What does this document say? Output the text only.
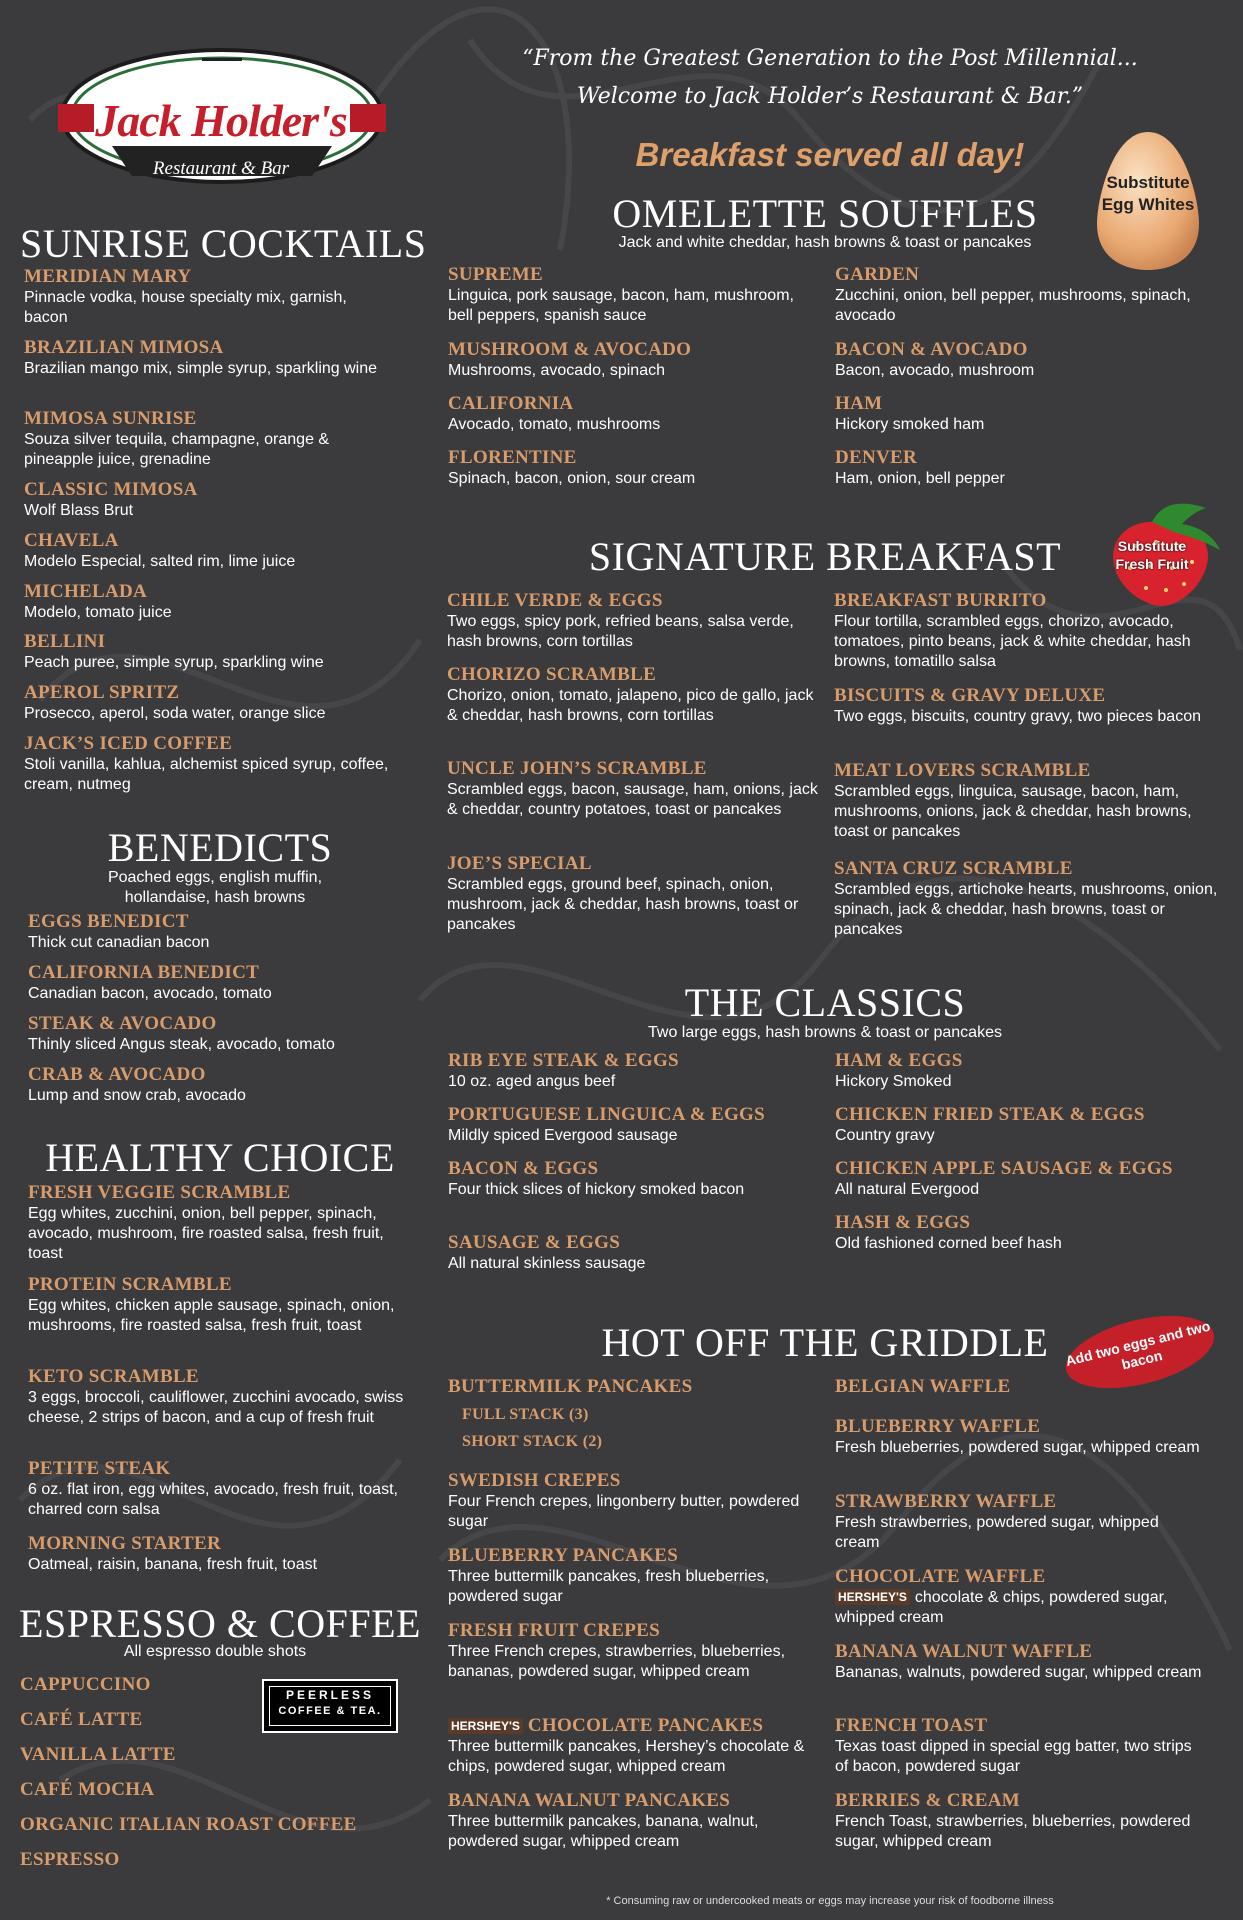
Jack Holder's
Restaurant & Bar
“From the Greatest Generation to the Post Millennial...
Welcome to Jack Holder’s Restaurant & Bar.”
Breakfast served all day!
Substitute Egg Whites
Substitute Fresh Fruit
Add two eggs and two bacon
SUNRISE COCKTAILS
MERIDIAN MARY
Pinnacle vodka, house specialty mix, garnish, bacon
BRAZILIAN MIMOSA
Brazilian mango mix, simple syrup, sparkling wine
MIMOSA SUNRISE
Souza silver tequila, champagne, orange & pineapple juice, grenadine
CLASSIC MIMOSA
Wolf Blass Brut
CHAVELA
Modelo Especial, salted rim, lime juice
MICHELADA
Modelo, tomato juice
BELLINI
Peach puree, simple syrup, sparkling wine
APEROL SPRITZ
Prosecco, aperol, soda water, orange slice
JACK’S ICED COFFEE
Stoli vanilla, kahlua, alchemist spiced syrup, coffee, cream, nutmeg
BENEDICTS
Poached eggs, english muffin, hollandaise, hash browns
EGGS BENEDICT
Thick cut canadian bacon
CALIFORNIA BENEDICT
Canadian bacon, avocado, tomato
STEAK & AVOCADO
Thinly sliced Angus steak, avocado, tomato
CRAB & AVOCADO
Lump and snow crab, avocado
HEALTHY CHOICE
FRESH VEGGIE SCRAMBLE
Egg whites, zucchini, onion, bell pepper, spinach, avocado, mushroom, fire roasted salsa, fresh fruit, toast
PROTEIN SCRAMBLE
Egg whites, chicken apple sausage, spinach, onion, mushrooms, fire roasted salsa, fresh fruit, toast
KETO SCRAMBLE
3 eggs, broccoli, cauliflower, zucchini avocado, swiss cheese, 2 strips of bacon, and a cup of fresh fruit
PETITE STEAK
6 oz. flat iron, egg whites, avocado, fresh fruit, toast, charred corn salsa
MORNING STARTER
Oatmeal, raisin, banana, fresh fruit, toast
ESPRESSO & COFFEE
All espresso double shots
CAPPUCCINO
CAFÉ LATTE
VANILLA LATTE
CAFÉ MOCHA
ORGANIC ITALIAN ROAST COFFEE
ESPRESSO
PEERLESS
COFFEE & TEA.
OMELETTE SOUFFLES
Jack and white cheddar, hash browns & toast or pancakes
SUPREME
Linguica, pork sausage, bacon, ham, mushroom, bell peppers, spanish sauce
GARDEN
Zucchini, onion, bell pepper, mushrooms, spinach, avocado
MUSHROOM & AVOCADO
Mushrooms, avocado, spinach
BACON & AVOCADO
Bacon, avocado, mushroom
CALIFORNIA
Avocado, tomato, mushrooms
HAM
Hickory smoked ham
FLORENTINE
Spinach, bacon, onion, sour cream
DENVER
Ham, onion, bell pepper
SIGNATURE BREAKFAST
CHILE VERDE & EGGS
Two eggs, spicy pork, refried beans, salsa verde, hash browns, corn tortillas
BREAKFAST BURRITO
Flour tortilla, scrambled eggs, chorizo, avocado, tomatoes, pinto beans, jack & white cheddar, hash browns, tomatillo salsa
CHORIZO SCRAMBLE
Chorizo, onion, tomato, jalapeno, pico de gallo, jack & cheddar, hash browns, corn tortillas
BISCUITS & GRAVY DELUXE
Two eggs, biscuits, country gravy, two pieces bacon
UNCLE JOHN’S SCRAMBLE
Scrambled eggs, bacon, sausage, ham, onions, jack & cheddar, country potatoes, toast or pancakes
MEAT LOVERS SCRAMBLE
Scrambled eggs, linguica, sausage, bacon, ham, mushrooms, onions, jack & cheddar, hash browns, toast or pancakes
JOE’S SPECIAL
Scrambled eggs, ground beef, spinach, onion, mushroom, jack & cheddar, hash browns, toast or pancakes
SANTA CRUZ SCRAMBLE
Scrambled eggs, artichoke hearts, mushrooms, onion, spinach, jack & cheddar, hash browns, toast or pancakes
THE CLASSICS
Two large eggs, hash browns & toast or pancakes
RIB EYE STEAK & EGGS
10 oz. aged angus beef
HAM & EGGS
Hickory Smoked
PORTUGUESE LINGUICA & EGGS
Mildly spiced Evergood sausage
CHICKEN FRIED STEAK & EGGS
Country gravy
BACON & EGGS
Four thick slices of hickory smoked bacon
CHICKEN APPLE SAUSAGE & EGGS
All natural Evergood
SAUSAGE & EGGS
All natural skinless sausage
HASH & EGGS
Old fashioned corned beef hash
HOT OFF THE GRIDDLE
BUTTERMILK PANCAKES
FULL STACK (3)
SHORT STACK (2)
SWEDISH CREPES
Four French crepes, lingonberry butter, powdered sugar
BLUEBERRY PANCAKES
Three buttermilk pancakes, fresh blueberries, powdered sugar
FRESH FRUIT CREPES
Three French crepes, strawberries, blueberries, bananas, powdered sugar, whipped cream
HERSHEY'S CHOCOLATE PANCAKES
Three buttermilk pancakes, Hershey’s chocolate & chips, powdered sugar, whipped cream
BANANA WALNUT PANCAKES
Three buttermilk pancakes, banana, walnut, powdered sugar, whipped cream
BELGIAN WAFFLE
BLUEBERRY WAFFLE
Fresh blueberries, powdered sugar, whipped cream
STRAWBERRY WAFFLE
Fresh strawberries, powdered sugar, whipped cream
CHOCOLATE WAFFLE
HERSHEY'S chocolate & chips, powdered sugar, whipped cream
BANANA WALNUT WAFFLE
Bananas, walnuts, powdered sugar, whipped cream
FRENCH TOAST
Texas toast dipped in special egg batter, two strips of bacon, powdered sugar
BERRIES & CREAM
French Toast, strawberries, blueberries, powdered sugar, whipped cream
* Consuming raw or undercooked meats or eggs may increase your risk of foodborne illness
